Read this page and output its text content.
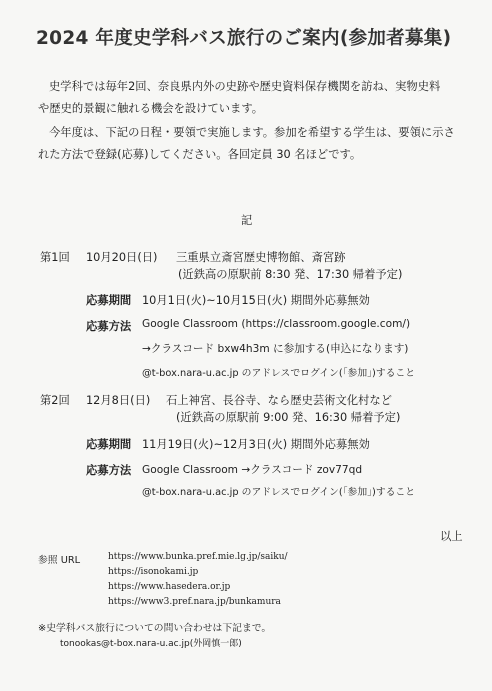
2024 年度史学科バス旅行のご案内(参加者募集)
史学科では毎年2回、奈良県内外の史跡や歴史資料保存機関を訪ね、実物史料
や歴史的景観に触れる機会を設けています。
今年度は、下記の日程・要領で実施します。参加を希望する学生は、要領に示さ
れた方法で登録(応募)してください。各回定員 30 名ほどです。
記
第1回 10月20日(日) 三重県立斎宮歴史博物館、斎宮跡
(近鉄高の原駅前 8:30 発、17:30 帰着予定)
応募期間 10月1日(火)~10月15日(火) 期間外応募無効
応募方法 Google Classroom (https://classroom.google.com/)
→クラスコード bxw4h3m に参加する(申込になります)
@t-box.nara-u.ac.jp のアドレスでログイン(「参加」)すること
第2回 12月8日(日) 石上神宮、長谷寺、なら歴史芸術文化村など
(近鉄高の原駅前 9:00 発、16:30 帰着予定)
応募期間 11月19日(火)~12月3日(火) 期間外応募無効
応募方法 Google Classroom →クラスコード zov77qd
@t-box.nara-u.ac.jp のアドレスでログイン(「参加」)すること
以上
参照 URL	https://www.bunka.pref.mie.lg.jp/saiku/
https://isonokami.jp
https://www.hasedera.or.jp
https://www3.pref.nara.jp/bunkamura
※史学科バス旅行についての問い合わせは下記まで。
tonookas@t-box.nara-u.ac.jp(外岡慎一郎)
